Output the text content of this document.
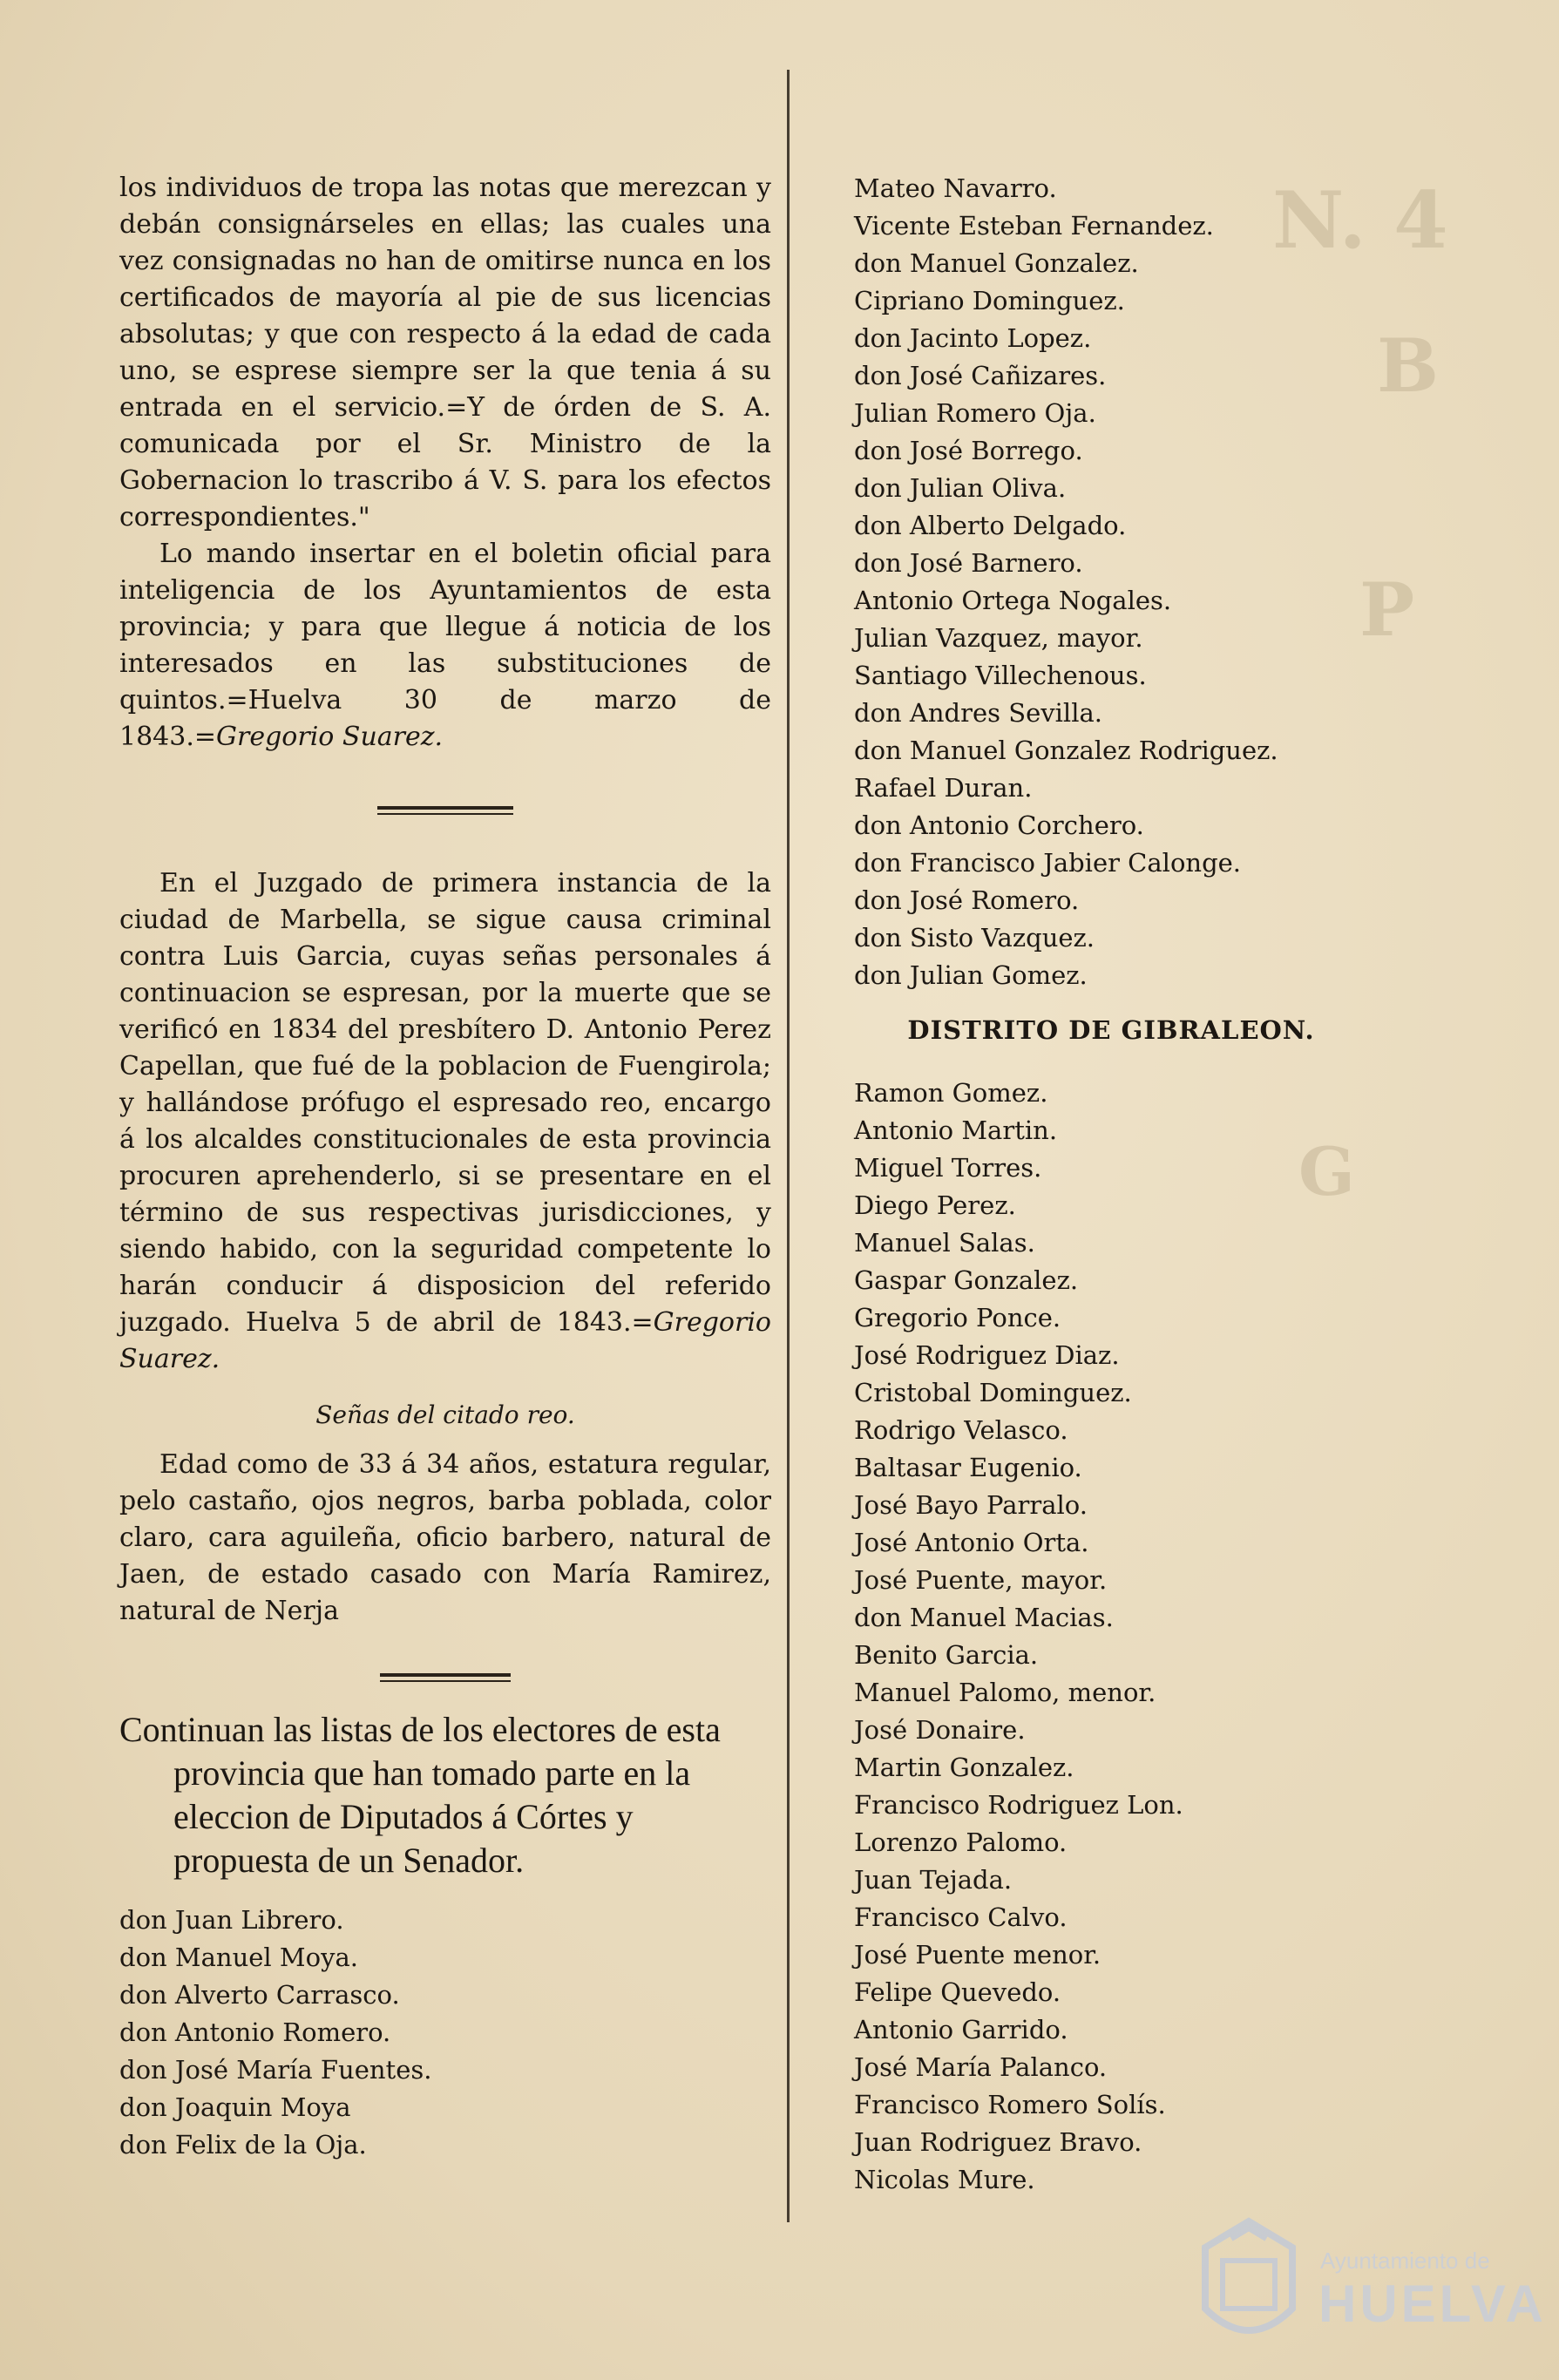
N. 4
B
P
G

los individuos de tropa las notas que merezcan y debán consignárseles en ellas; las cuales una vez consignadas no han de omitirse nunca en los certificados de mayoría al pie de sus licencias absolutas; y que con respecto á la edad de cada uno, se esprese siempre ser la que tenia á su entrada en el servicio.=Y de órden de S. A. comunicada por el Sr. Ministro de la Gobernacion lo trascribo á V. S. para los efectos correspondientes."

Lo mando insertar en el boletin oficial para inteligencia de los Ayuntamientos de esta provincia; y para que llegue á noticia de los interesados en las substituciones de quintos.=Huelva 30 de marzo de 1843.=Gregorio Suarez.

En el Juzgado de primera instancia de la ciudad de Marbella, se sigue causa criminal contra Luis Garcia, cuyas señas personales á continuacion se espresan, por la muerte que se verificó en 1834 del presbítero D. Antonio Perez Capellan, que fué de la poblacion de Fuengirola; y hallándose prófugo el espresado reo, encargo á los alcaldes constitucionales de esta provincia procuren aprehenderlo, si se presentare en el término de sus respectivas jurisdicciones, y siendo habido, con la seguridad competente lo harán conducir á disposicion del referido juzgado. Huelva 5 de abril de 1843.=Gregorio Suarez.

Señas del citado reo.

Edad como de 33 á 34 años, estatura regular, pelo castaño, ojos negros, barba poblada, color claro, cara aguileña, oficio barbero, natural de Jaen, de estado casado con María Ramirez, natural de Nerja

Continuan las listas de los electores de esta provincia que han tomado parte en la eleccion de Diputados á Córtes y propuesta de un Senador.
don Juan Librero.
don Manuel Moya.
don Alverto Carrasco.
don Antonio Romero.
don José María Fuentes.
don Joaquin Moya
don Felix de la Oja.
Mateo Navarro.
Vicente Esteban Fernandez.
don Manuel Gonzalez.
Cipriano Dominguez.
don Jacinto Lopez.
don José Cañizares.
Julian Romero Oja.
don José Borrego.
don Julian Oliva.
don Alberto Delgado.
don José Barnero.
Antonio Ortega Nogales.
Julian Vazquez, mayor.
Santiago Villechenous.
don Andres Sevilla.
don Manuel Gonzalez Rodriguez.
Rafael Duran.
don Antonio Corchero.
don Francisco Jabier Calonge.
don José Romero.
don Sisto Vazquez.
don Julian Gomez.
DISTRITO DE GIBRALEON.
Ramon Gomez.
Antonio Martin.
Miguel Torres.
Diego Perez.
Manuel Salas.
Gaspar Gonzalez.
Gregorio Ponce.
José Rodriguez Diaz.
Cristobal Dominguez.
Rodrigo Velasco.
Baltasar Eugenio.
José Bayo Parralo.
José Antonio Orta.
José Puente, mayor.
don Manuel Macias.
Benito Garcia.
Manuel Palomo, menor.
José Donaire.
Martin Gonzalez.
Francisco Rodriguez Lon.
Lorenzo Palomo.
Juan Tejada.
Francisco Calvo.
José Puente menor.
Felipe Quevedo.
Antonio Garrido.
José María Palanco.
Francisco Romero Solís.
Juan Rodriguez Bravo.
Nicolas Mure.
Ayuntamiento de
HUELVA
